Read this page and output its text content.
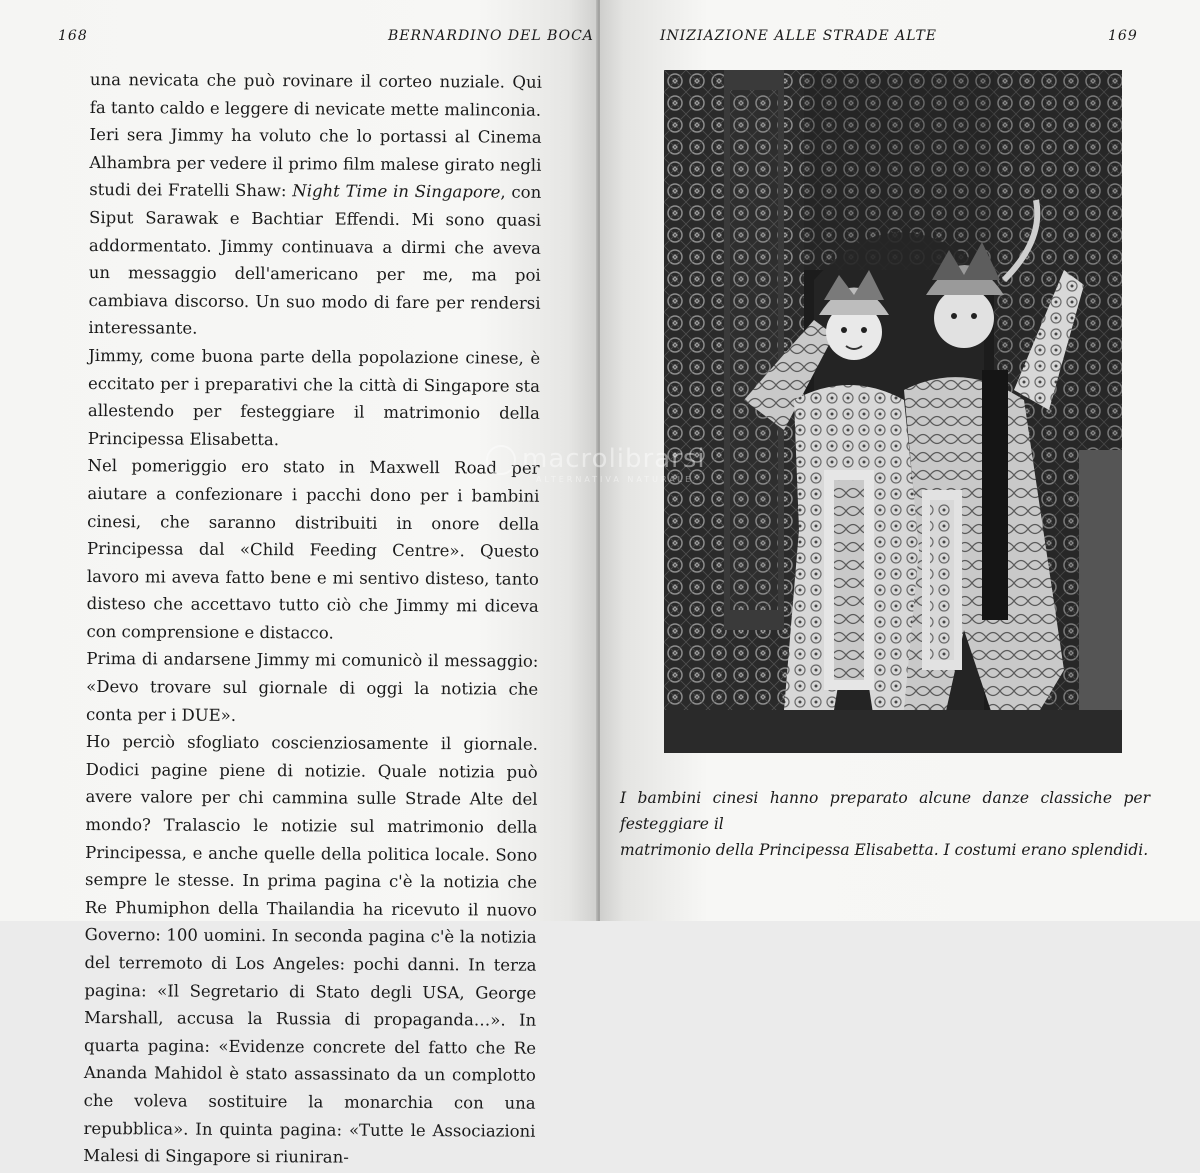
168	BERNARDINO DEL BOCA

una nevicata che può rovinare il corteo nuziale. Qui fa tanto caldo e leggere di nevicate mette malinconia.

Ieri sera Jimmy ha voluto che lo portassi al Cinema Alhambra per vedere il primo film malese girato negli studi dei Fratelli Shaw: Night Time in Singapore, con Siput Sarawak e Bachtiar Effendi. Mi sono quasi addormentato. Jimmy continuava a dirmi che aveva un messaggio dell'americano per me, ma poi cambiava discorso. Un suo modo di fare per rendersi interessante.

Jimmy, come buona parte della popolazione cinese, è eccitato per i preparativi che la città di Singapore sta allestendo per festeggiare il matrimonio della Principessa Elisabetta.

Nel pomeriggio ero stato in Maxwell Road per aiutare a confezionare i pacchi dono per i bambini cinesi, che saranno distribuiti in onore della Principessa dal «Child Feeding Centre». Questo lavoro mi aveva fatto bene e mi sentivo disteso, tanto disteso che accettavo tutto ciò che Jimmy mi diceva con comprensione e distacco.

Prima di andarsene Jimmy mi comunicò il messaggio: «Devo trovare sul giornale di oggi la notizia che conta per i DUE».

Ho perciò sfogliato coscienziosamente il giornale. Dodici pagine piene di notizie. Quale notizia può avere valore per chi cammina sulle Strade Alte del mondo? Tralascio le notizie sul matrimonio della Principessa, e anche quelle della politica locale. Sono sempre le stesse. In prima pagina c'è la notizia che Re Phumiphon della Thailandia ha ricevuto il nuovo Governo: 100 uomini. In seconda pagina c'è la notizia del terremoto di Los Angeles: pochi danni. In terza pagina: «Il Segretario di Stato degli USA, George Marshall, accusa la Russia di propaganda…». In quarta pagina: «Evidenze concrete del fatto che Re Ananda Mahidol è stato assassinato da un complotto che voleva sostituire la monarchia con una repubblica». In quinta pagina: «Tutte le Associazioni Malesi di Singapore si riuniran-

INIZIAZIONE ALLE STRADE ALTE	169

I bambini cinesi hanno preparato alcune danze classiche per festeggiare il

matrimonio della Principessa Elisabetta. I costumi erano splendidi.

macrolibrarsi
ALTERNATIVA NATURALE
